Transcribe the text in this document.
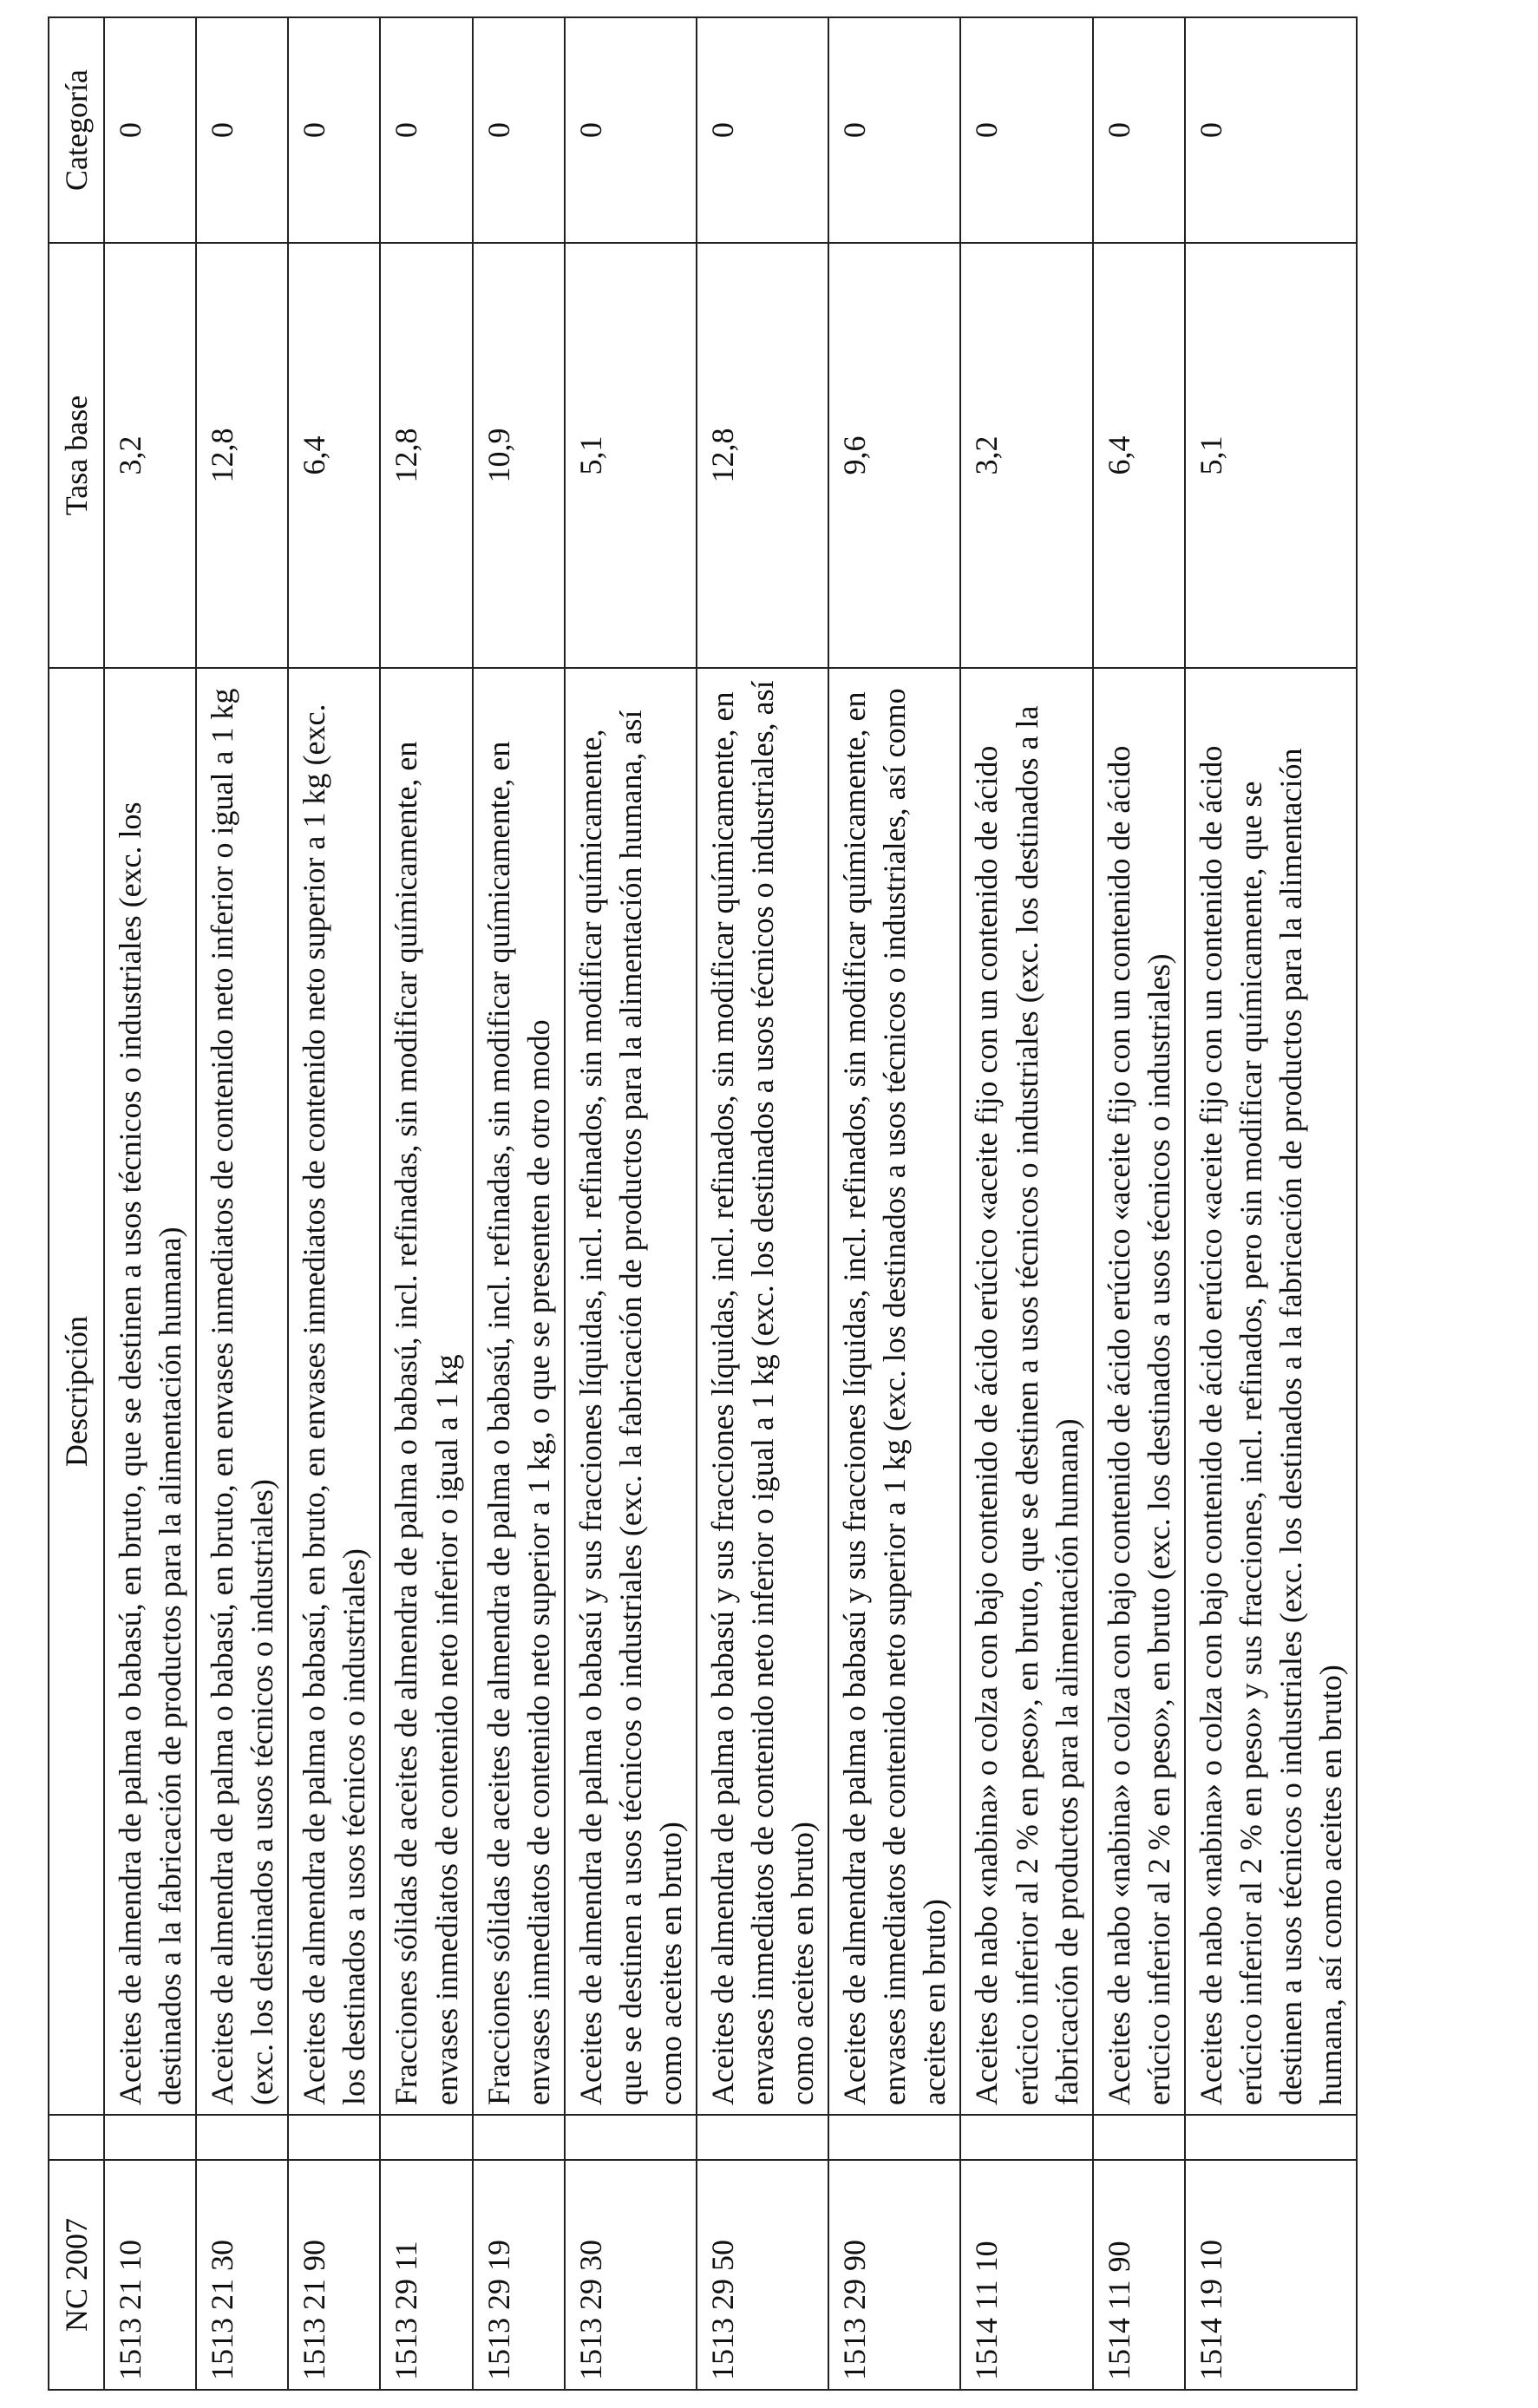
NC 2007		Descripción	Tasa base	Categoría
1513 21 10		Aceites de almendra de palma o babasú, en bruto, que se destinen a usos técnicos o industriales (exc. los destinados a la fabricación de productos para la alimentación humana)	3,2	0
1513 21 30		Aceites de almendra de palma o babasú, en bruto, en envases inmediatos de contenido neto inferior o igual a 1 kg (exc. los destinados a usos técnicos o industriales)	12,8	0
1513 21 90		Aceites de almendra de palma o babasú, en bruto, en envases inmediatos de contenido neto superior a 1 kg (exc. los destinados a usos técnicos o industriales)	6,4	0
1513 29 11		Fracciones sólidas de aceites de almendra de palma o babasú, incl. refinadas, sin modificar químicamente, en envases inmediatos de contenido neto inferior o igual a 1 kg	12,8	0
1513 29 19		Fracciones sólidas de aceites de almendra de palma o babasú, incl. refinadas, sin modificar químicamente, en envases inmediatos de contenido neto superior a 1 kg, o que se presenten de otro modo	10,9	0
1513 29 30		Aceites de almendra de palma o babasú y sus fracciones líquidas, incl. refinados, sin modificar químicamente, que se destinen a usos técnicos o industriales (exc. la fabricación de productos para la alimentación humana, así como aceites en bruto)	5,1	0
1513 29 50		Aceites de almendra de palma o babasú y sus fracciones líquidas, incl. refinados, sin modificar químicamente, en envases inmediatos de contenido neto inferior o igual a 1 kg (exc. los destinados a usos técnicos o industriales, así como aceites en bruto)	12,8	0
1513 29 90		Aceites de almendra de palma o babasú y sus fracciones líquidas, incl. refinados, sin modificar químicamente, en envases inmediatos de contenido neto superior a 1 kg (exc. los destinados a usos técnicos o industriales, así como aceites en bruto)	9,6	0
1514 11 10		Aceites de nabo «nabina» o colza con bajo contenido de ácido erúcico «aceite fijo con un contenido de ácido erúcico inferior al 2 % en peso», en bruto, que se destinen a usos técnicos o industriales (exc. los destinados a la fabricación de productos para la alimentación humana)	3,2	0
1514 11 90		Aceites de nabo «nabina» o colza con bajo contenido de ácido erúcico «aceite fijo con un contenido de ácido erúcico inferior al 2 % en peso», en bruto (exc. los destinados a usos técnicos o industriales)	6,4	0
1514 19 10		Aceites de nabo «nabina» o colza con bajo contenido de ácido erúcico «aceite fijo con un contenido de ácido erúcico inferior al 2 % en peso» y sus fracciones, incl. refinados, pero sin modificar químicamente, que se destinen a usos técnicos o industriales (exc. los destinados a la fabricación de productos para la alimentación humana, así como aceites en bruto)	5,1	0
